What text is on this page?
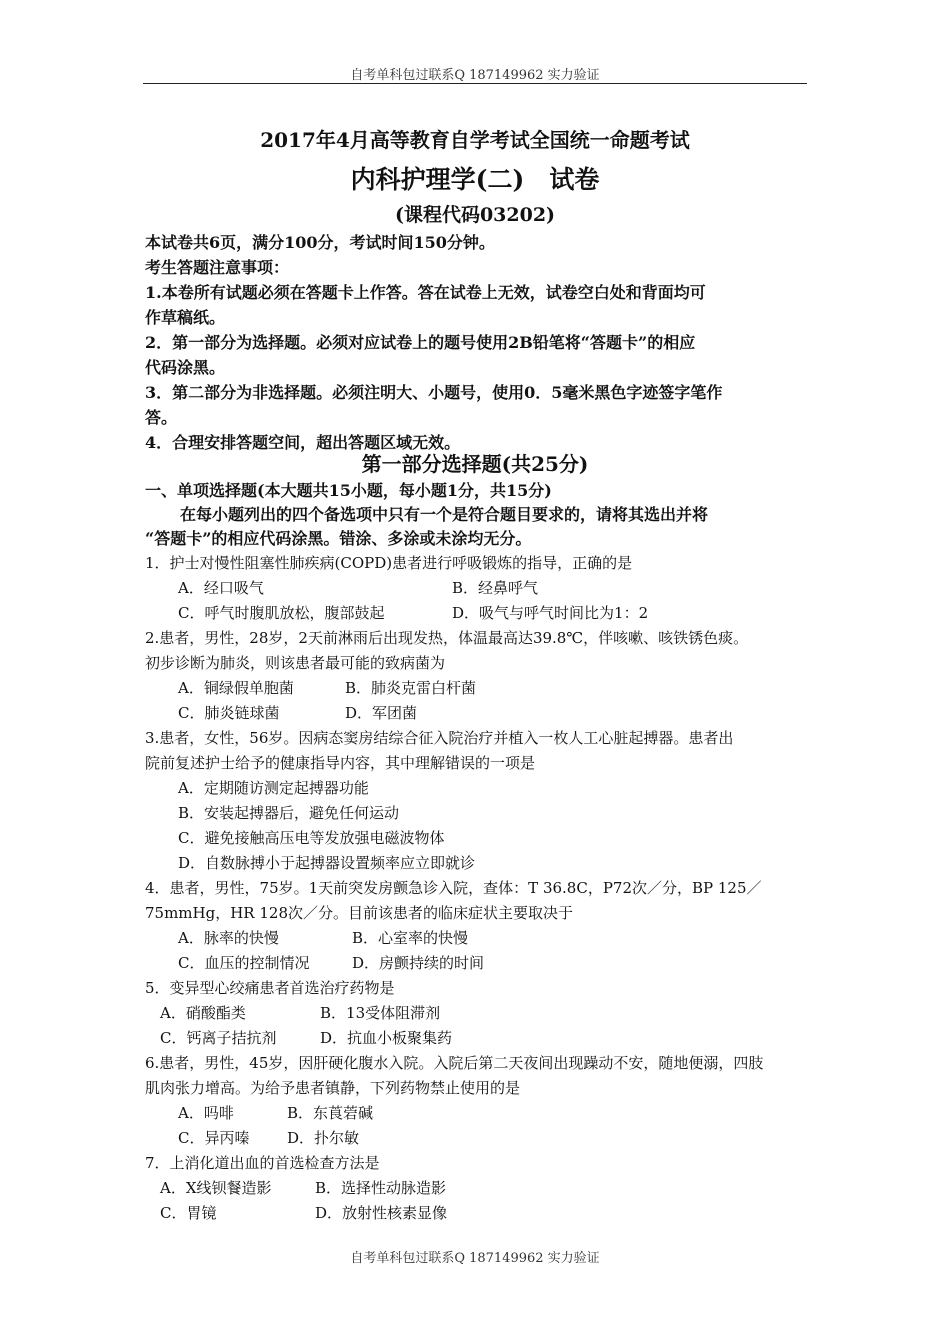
自考单科包过联系Q 187149962 实力验证
2017年4月高等教育自学考试全国统一命题考试
内科护理学(二)　试卷
(课程代码03202)
本试卷共6页，满分100分，考试时间150分钟。
考生答题注意事项：
1.本卷所有试题必须在答题卡上作答。答在试卷上无效，试卷空白处和背面均可
作草稿纸。
2．第一部分为选择题。必须对应试卷上的题号使用2B铅笔将“答题卡”的相应
代码涂黑。
3．第二部分为非选择题。必须注明大、小题号，使用0．5毫米黑色字迹签字笔作
答。
4．合理安排答题空间，超出答题区域无效。
第一部分选择题(共25分)
一、单项选择题(本大题共15小题，每小题1分，共15分)
在每小题列出的四个备选项中只有一个是符合题目要求的，请将其选出并将
“答题卡”的相应代码涂黑。错涂、多涂或未涂均无分。
1．护士对慢性阻塞性肺疾病(COPD)患者进行呼吸锻炼的指导，正确的是
A．经口吸气	B．经鼻呼气
C．呼气时腹肌放松，腹部鼓起	D．吸气与呼气时间比为1：2
2.患者，男性，28岁，2天前淋雨后出现发热，体温最高达39.8℃，伴咳嗽、咳铁锈色痰。
初步诊断为肺炎，则该患者最可能的致病菌为
A．铜绿假单胞菌	B．肺炎克雷白杆菌
C．肺炎链球菌	D．军团菌
3.患者，女性，56岁。因病态窦房结综合征入院治疗并植入一枚人工心脏起搏器。患者出
院前复述护士给予的健康指导内容，其中理解错误的一项是
A．定期随访测定起搏器功能
B．安装起搏器后，避免任何运动
C．避免接触高压电等发放强电磁波物体
D．自数脉搏小于起搏器设置频率应立即就诊
4．患者，男性，75岁。1天前突发房颤急诊入院，查体：T 36.8C，P72次／分，BP 125／
75mmHg，HR 128次／分。目前该患者的临床症状主要取决于
A．脉率的快慢	B．心室率的快慢
C．血压的控制情况	D．房颤持续的时间
5．变异型心绞痛患者首选治疗药物是
A．硝酸酯类	B．13受体阻滞剂
C．钙离子拮抗剂	D．抗血小板聚集药
6.患者，男性，45岁，因肝硬化腹水入院。入院后第二天夜间出现躁动不安，随地便溺，四肢
肌肉张力增高。为给予患者镇静，下列药物禁止使用的是
A．吗啡	B．东莨菪碱
C．异丙嗪	D．扑尔敏
7．上消化道出血的首选检查方法是
A．X线钡餐造影	B．选择性动脉造影
C．胃镜	D．放射性核素显像
自考单科包过联系Q 187149962 实力验证
